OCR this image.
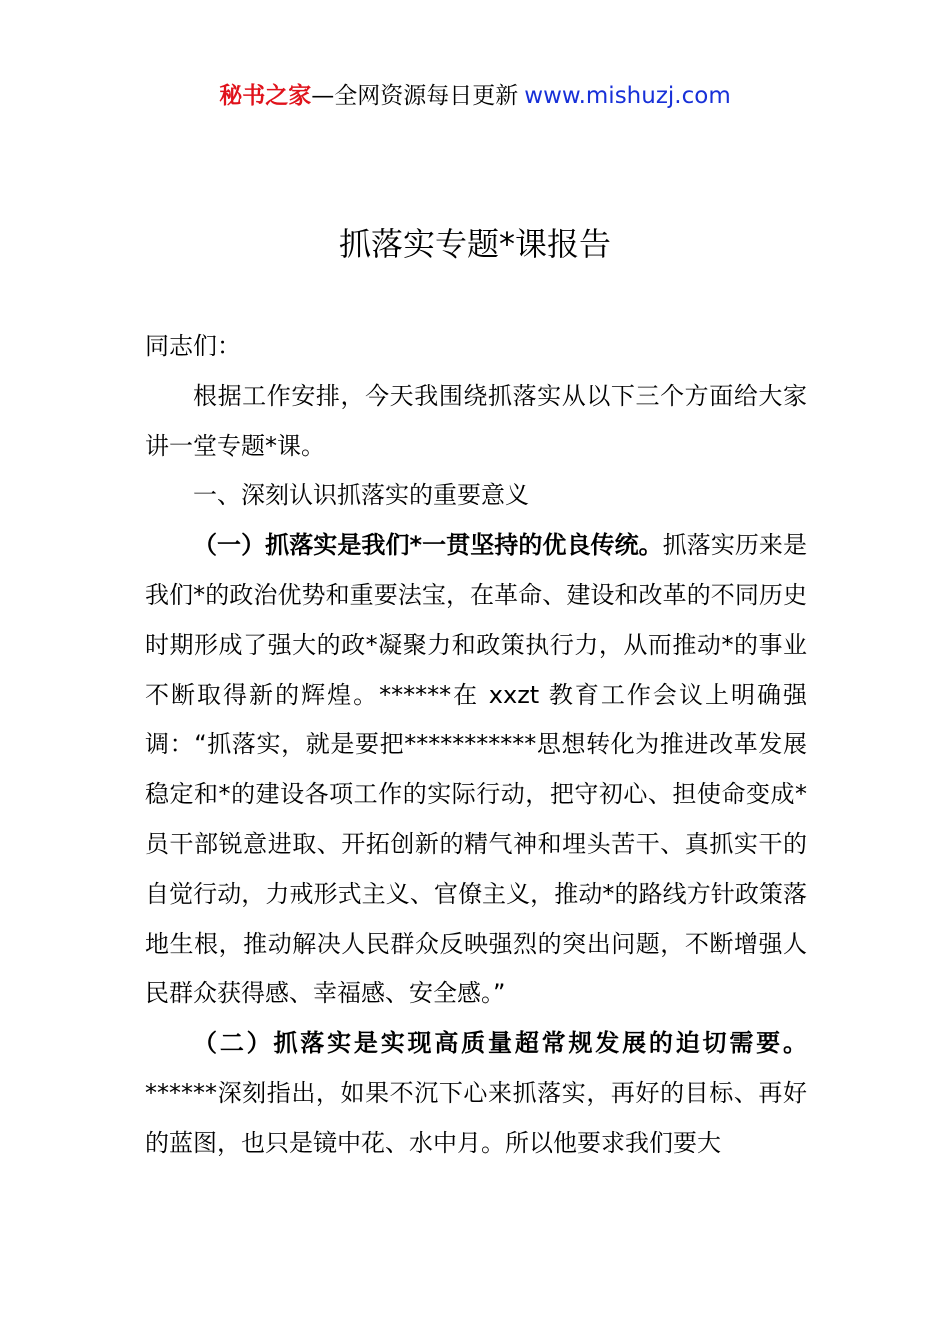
秘书之家—全网资源每日更新 www.mishuzj.com
抓落实专题*课报告

同志们：

根据工作安排，今天我围绕抓落实从以下三个方面给大家讲一堂专题*课。

一、深刻认识抓落实的重要意义

（一）抓落实是我们*一贯坚持的优良传统。抓落实历来是我们*的政治优势和重要法宝，在革命、建设和改革的不同历史时期形成了强大的政*凝聚力和政策执行力，从而推动*的事业不断取得新的辉煌。******在 xxzt 教育工作会议上明确强调：“抓落实，就是要把***********思想转化为推进改革发展稳定和*的建设各项工作的实际行动，把守初心、担使命变成*员干部锐意进取、开拓创新的精气神和埋头苦干、真抓实干的自觉行动，力戒形式主义、官僚主义，推动*的路线方针政策落地生根，推动解决人民群众反映强烈的突出问题，不断增强人民群众获得感、幸福感、安全感。”

（二）抓落实是实现高质量超常规发展的迫切需要。******深刻指出，如果不沉下心来抓落实，再好的目标、再好的蓝图，也只是镜中花、水中月。所以他要求我们要大
